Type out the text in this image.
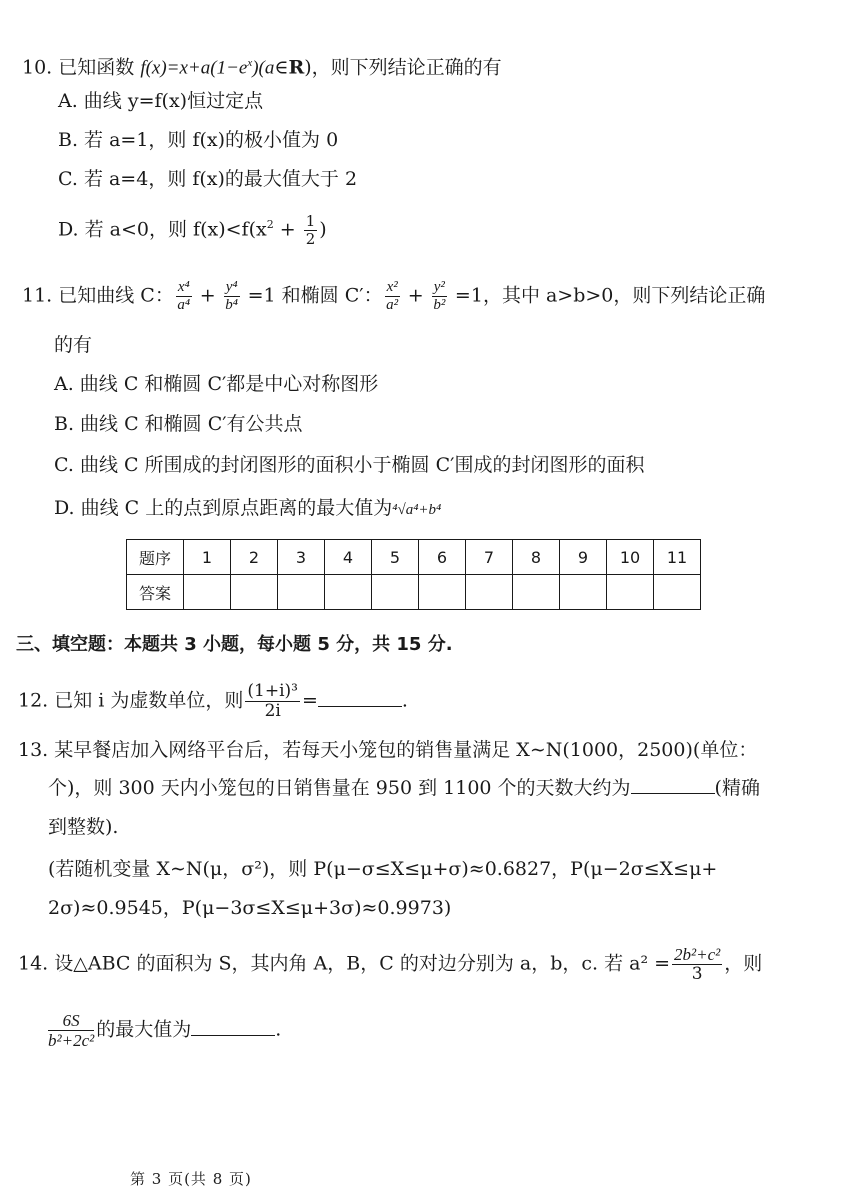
10. 已知函数 $f(x)=x+a(1-e^x)(a\in R)$，则下列结论正确的有
A. 曲线 y=f(x)恒过定点
B. 若 a=1，则 f(x)的极小值为 0
C. 若 a=4，则 f(x)的最大值大于 2
D. 若 a<0，则 $f(x)<f(x^2 + \frac{1}{2}$ )
11. 已知曲线 C： $\frac{\text{x⁴}}{\text{a⁴}} + \frac{\text{y⁴}}{\text{b⁴}} =1$ 和椭圆 C′： $\frac{\text{x²}}{\text{a²}} + \frac{\text{y²}}{\text{b²}} =1$，其中 a>b>0，则下列结论正确
的有
A. 曲线 C 和椭圆 C′都是中心对称图形
B. 曲线 C 和椭圆 C′有公共点
C. 曲线 C 所围成的封闭图形的面积小于椭圆 C′围成的封闭图形的面积
D. 曲线 C 上的点到原点距离的最大值为⁴√a⁴+b⁴
题序	1	2	3	4	5	6	7	8	9	10	11
答案											
三、填空题：本题共 3 小题，每小题 5 分，共 15 分.
12. 已知 i 为虚数单位，则 $\frac{\text{(1+i)³}}{2i}$ =	.
13. 某早餐店加入网络平台后，若每天小笼包的销售量满足 X∼N(1000，2500)(单位：
个)，则 300 天内小笼包的日销售量在 950 到 1100 个的天数大约为	(精确
到整数).
(若随机变量 X∼N(μ，σ²)，则 P(μ−σ≤X≤μ+σ)≈0.6827，P(μ−2σ≤X≤μ+
2σ)≈0.9545，P(μ−3σ≤X≤μ+3σ)≈0.9973)
14. 设△ABC 的面积为 S，其内角 A，B，C 的对边分别为 a，b，c. 若 $a^2 = \frac{\text{2b²+c²}}{3}$ ，则
$\frac{6S}{\text{b²+2c²}}$ 的最大值为	.
第 3 页(共 8 页)
